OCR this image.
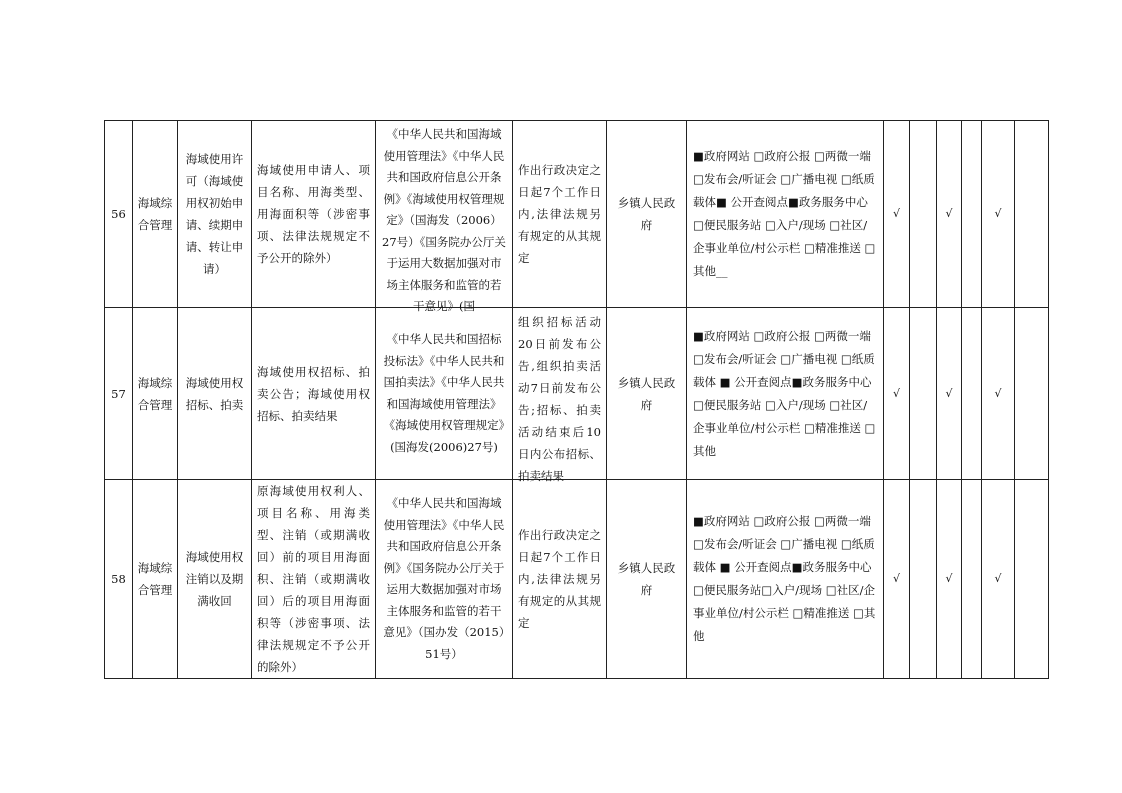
56	海域综合管理	海域使用许可（海域使用权初始申请、续期申请、转让申请）	海域使用申请人、项目名称、用海类型、用海面积等（涉密事项、法律法规规定不予公开的除外）	《中华人民共和国海域使用管理法》《中华人民共和国政府信息公开条例》《海域使用权管理规定》（国海发（2006）27号）《国务院办公厅关于运用大数据加强对市场主体服务和监管的若干意见》(国	作出行政决定之日起7个工作日内,法律法规另有规定的从其规定	乡镇人民政府	■政府网站 □政府公报 □两微一端 □发布会/听证会 □广播电视 □纸质载体■ 公开查阅点■政务服务中心 □便民服务站 □入户/现场 □社区/企事业单位/村公示栏 □精准推送 □其他__	√		√		√	
57	海域综合管理	海域使用权招标、拍卖	海域使用权招标、拍卖公告；海域使用权招标、拍卖结果	《中华人民共和国招标投标法》《中华人民共和国拍卖法》《中华人民共和国海域使用管理法》《海域使用权管理规定》(国海发(2006)27号)	组织招标活动20日前发布公告,组织拍卖活动7日前发布公告;招标、拍卖活动结束后10日内公布招标、拍卖结果	乡镇人民政府	■政府网站 □政府公报 □两微一端 □发布会/听证会 □广播电视 □纸质载体 ■ 公开查阅点■政务服务中心 □便民服务站 □入户/现场 □社区/企事业单位/村公示栏 □精准推送 □其他	√		√		√	
58	海域综合管理	海域使用权注销以及期满收回	原海域使用权利人、项目名称、用海类型、注销（或期满收回）前的项目用海面积、注销（或期满收回）后的项目用海面积等（涉密事项、法律法规规定不予公开的除外）	《中华人民共和国海域使用管理法》《中华人民共和国政府信息公开条例》《国务院办公厅关于运用大数据加强对市场主体服务和监管的若干意见》（国办发（2015）51号）	作出行政决定之日起7个工作日内,法律法规另有规定的从其规定	乡镇人民政府	■政府网站 □政府公报 □两微一端 □发布会/听证会 □广播电视 □纸质载体 ■ 公开查阅点■政务服务中心 □便民服务站□入户/现场 □社区/企事业单位/村公示栏 □精准推送 □其他	√		√		√	
